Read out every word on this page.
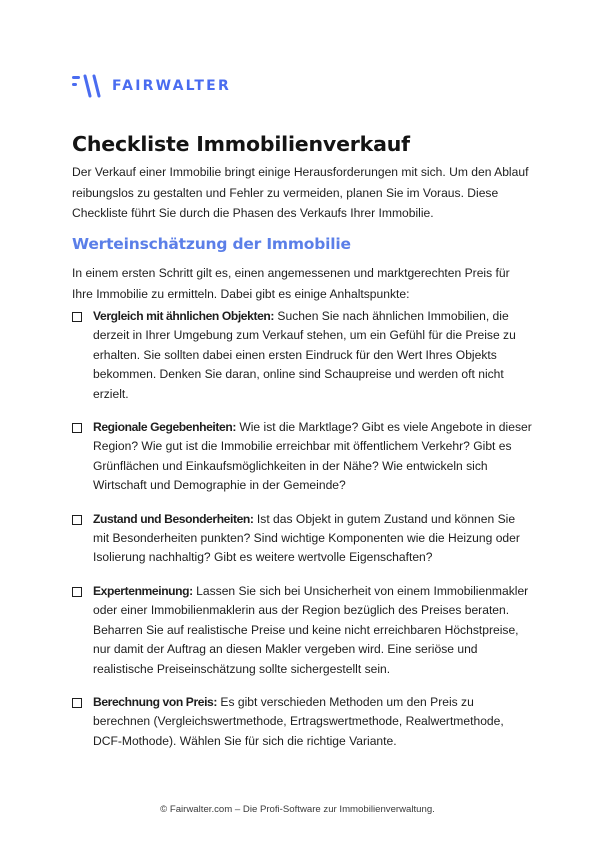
FAIRWALTER
Checkliste Immobilienverkauf

Der Verkauf einer Immobilie bringt einige Herausforderungen mit sich. Um den Ablauf reibungslos zu gestalten und Fehler zu vermeiden, planen Sie im Voraus. Diese Checkliste führt Sie durch die Phasen des Verkaufs Ihrer Immobilie.

Werteinschätzung der Immobilie

In einem ersten Schritt gilt es, einen angemessenen und marktgerechten Preis für Ihre Immobilie zu ermitteln. Dabei gibt es einige Anhaltspunkte:

Vergleich mit ähnlichen Objekten: Suchen Sie nach ähnlichen Immobilien, die derzeit in Ihrer Umgebung zum Verkauf stehen, um ein Gefühl für die Preise zu erhalten. Sie sollten dabei einen ersten Eindruck für den Wert Ihres Objekts bekommen. Denken Sie daran, online sind Schaupreise und werden oft nicht erzielt.
Regionale Gegebenheiten: Wie ist die Marktlage? Gibt es viele Angebote in dieser Region? Wie gut ist die Immobilie erreichbar mit öffentlichem Verkehr? Gibt es Grünflächen und Einkaufsmöglichkeiten in der Nähe? Wie entwickeln sich Wirtschaft und Demographie in der Gemeinde?
Zustand und Besonderheiten: Ist das Objekt in gutem Zustand und können Sie mit Besonderheiten punkten? Sind wichtige Komponenten wie die Heizung oder Isolierung nachhaltig? Gibt es weitere wertvolle Eigenschaften?
Expertenmeinung: Lassen Sie sich bei Unsicherheit von einem Immobilienmakler oder einer Immobilienmaklerin aus der Region bezüglich des Preises beraten. Beharren Sie auf realistische Preise und keine nicht erreichbaren Höchstpreise, nur damit der Auftrag an diesen Makler vergeben wird. Eine seriöse und realistische Preiseinschätzung sollte sichergestellt sein.
Berechnung von Preis: Es gibt verschieden Methoden um den Preis zu berechnen (Vergleichswertmethode, Ertragswertmethode, Realwertmethode, DCF-Mothode). Wählen Sie für sich die richtige Variante.
© Fairwalter.com – Die Profi-Software zur Immobilienverwaltung.
